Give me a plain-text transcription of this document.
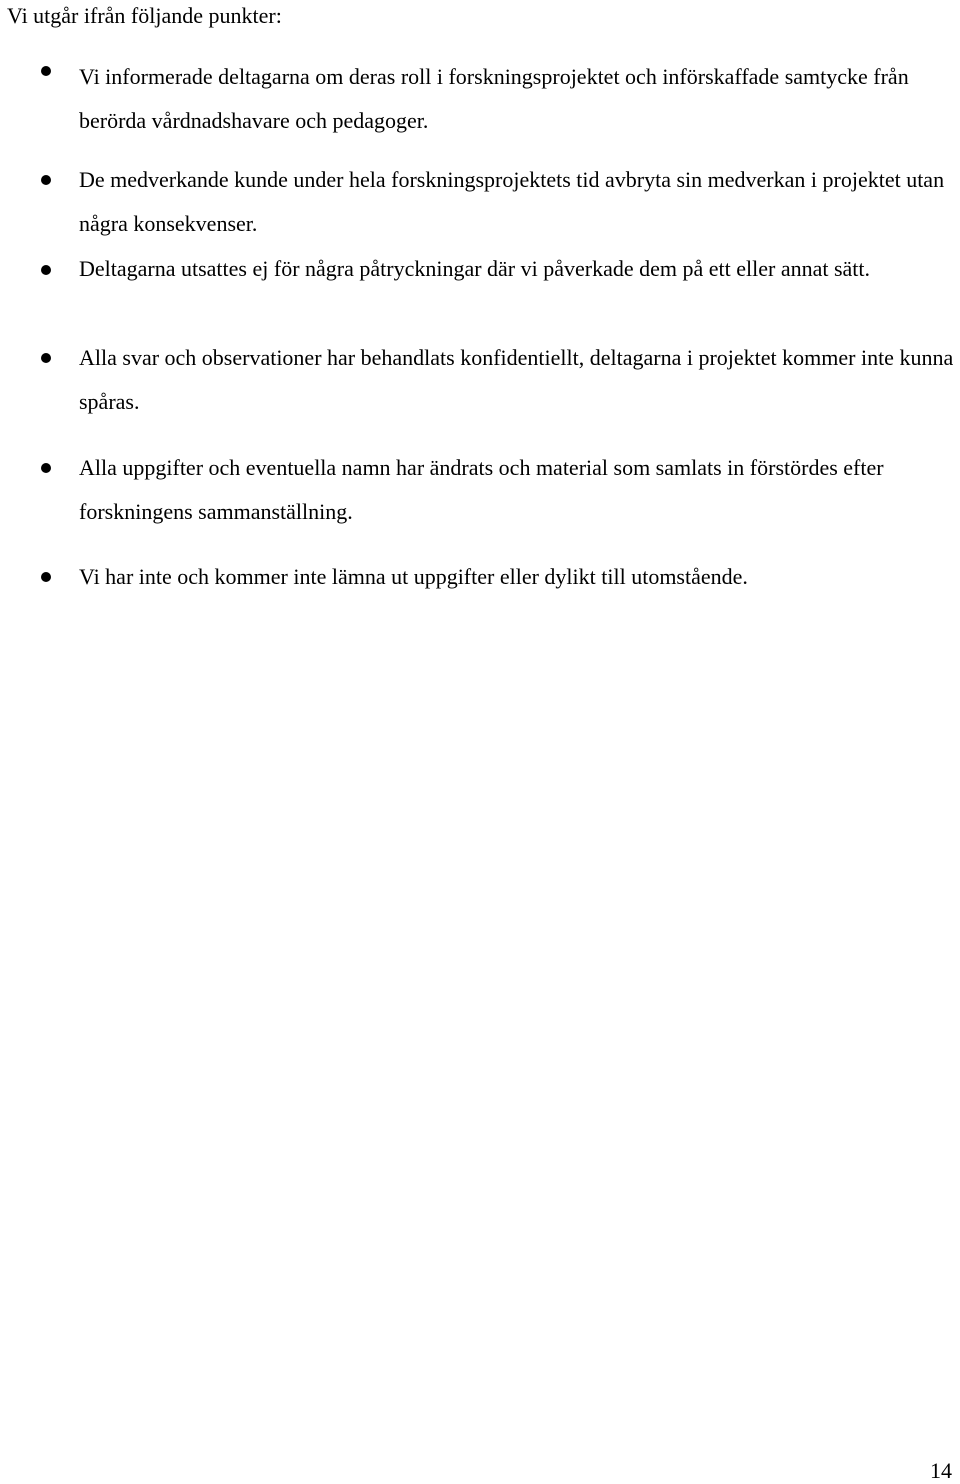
Vi utgår ifrån följande punkter:

Vi informerade deltagarna om deras roll i forskningsprojektet och införskaffade samtycke från berörda vårdnadshavare och pedagoger.

De medverkande kunde under hela forskningsprojektets tid avbryta sin medverkan i projektet utan några konsekvenser.

Deltagarna utsattes ej för några påtryckningar där vi påverkade dem på ett eller annat sätt.

Alla svar och observationer har behandlats konfidentiellt, deltagarna i projektet kommer inte kunna spåras.

Alla uppgifter och eventuella namn har ändrats och material som samlats in förstördes efter forskningens sammanställning.

Vi har inte och kommer inte lämna ut uppgifter eller dylikt till utomstående.

14
